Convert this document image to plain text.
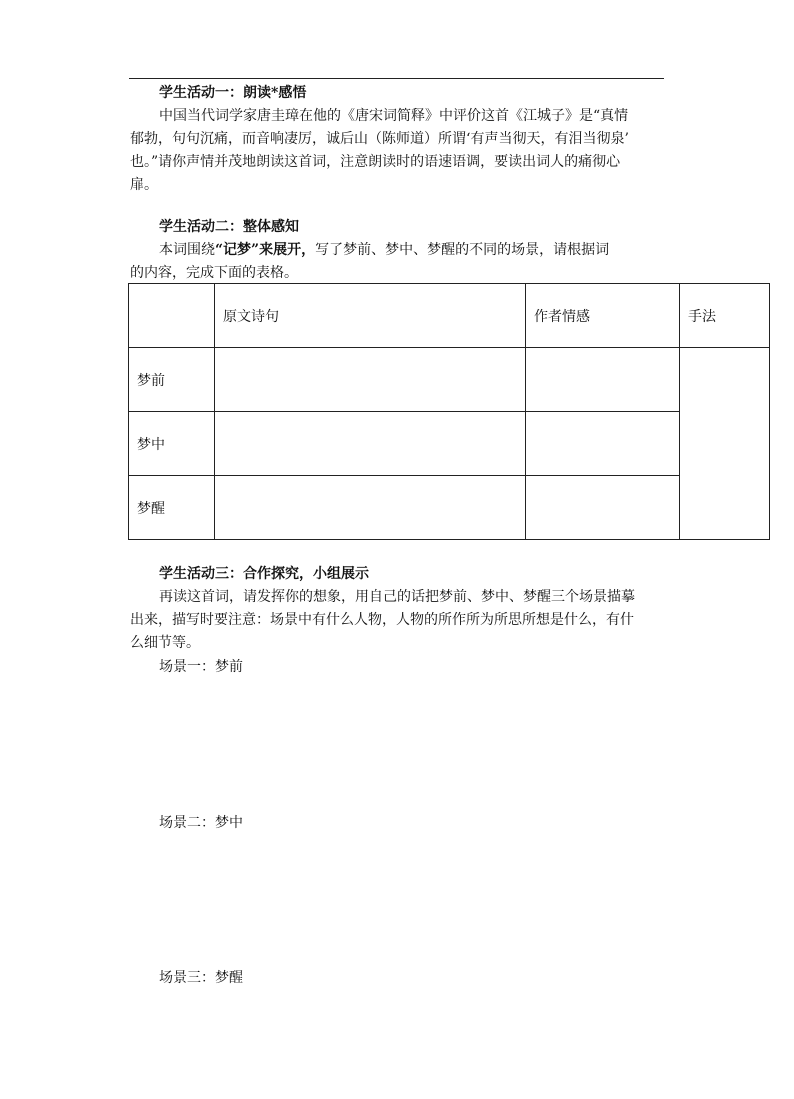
学生活动一：朗读*感悟
中国当代词学家唐圭璋在他的《唐宋词简释》中评价这首《江城子》是“真情
郁勃，句句沉痛，而音响凄厉，诚后山（陈师道）所谓‘有声当彻天，有泪当彻泉’
也。”请你声情并茂地朗读这首词，注意朗读时的语速语调，要读出词人的痛彻心
扉。
学生活动二：整体感知
本词围绕“记梦”来展开，写了梦前、梦中、梦醒的不同的场景，请根据词
的内容，完成下面的表格。
	原文诗句	作者情感	手法
梦前			
梦中			
梦醒			
学生活动三：合作探究，小组展示
再读这首词，请发挥你的想象，用自己的话把梦前、梦中、梦醒三个场景描摹
出来，描写时要注意：场景中有什么人物，人物的所作所为所思所想是什么，有什
么细节等。
场景一：梦前
场景二：梦中
场景三：梦醒
